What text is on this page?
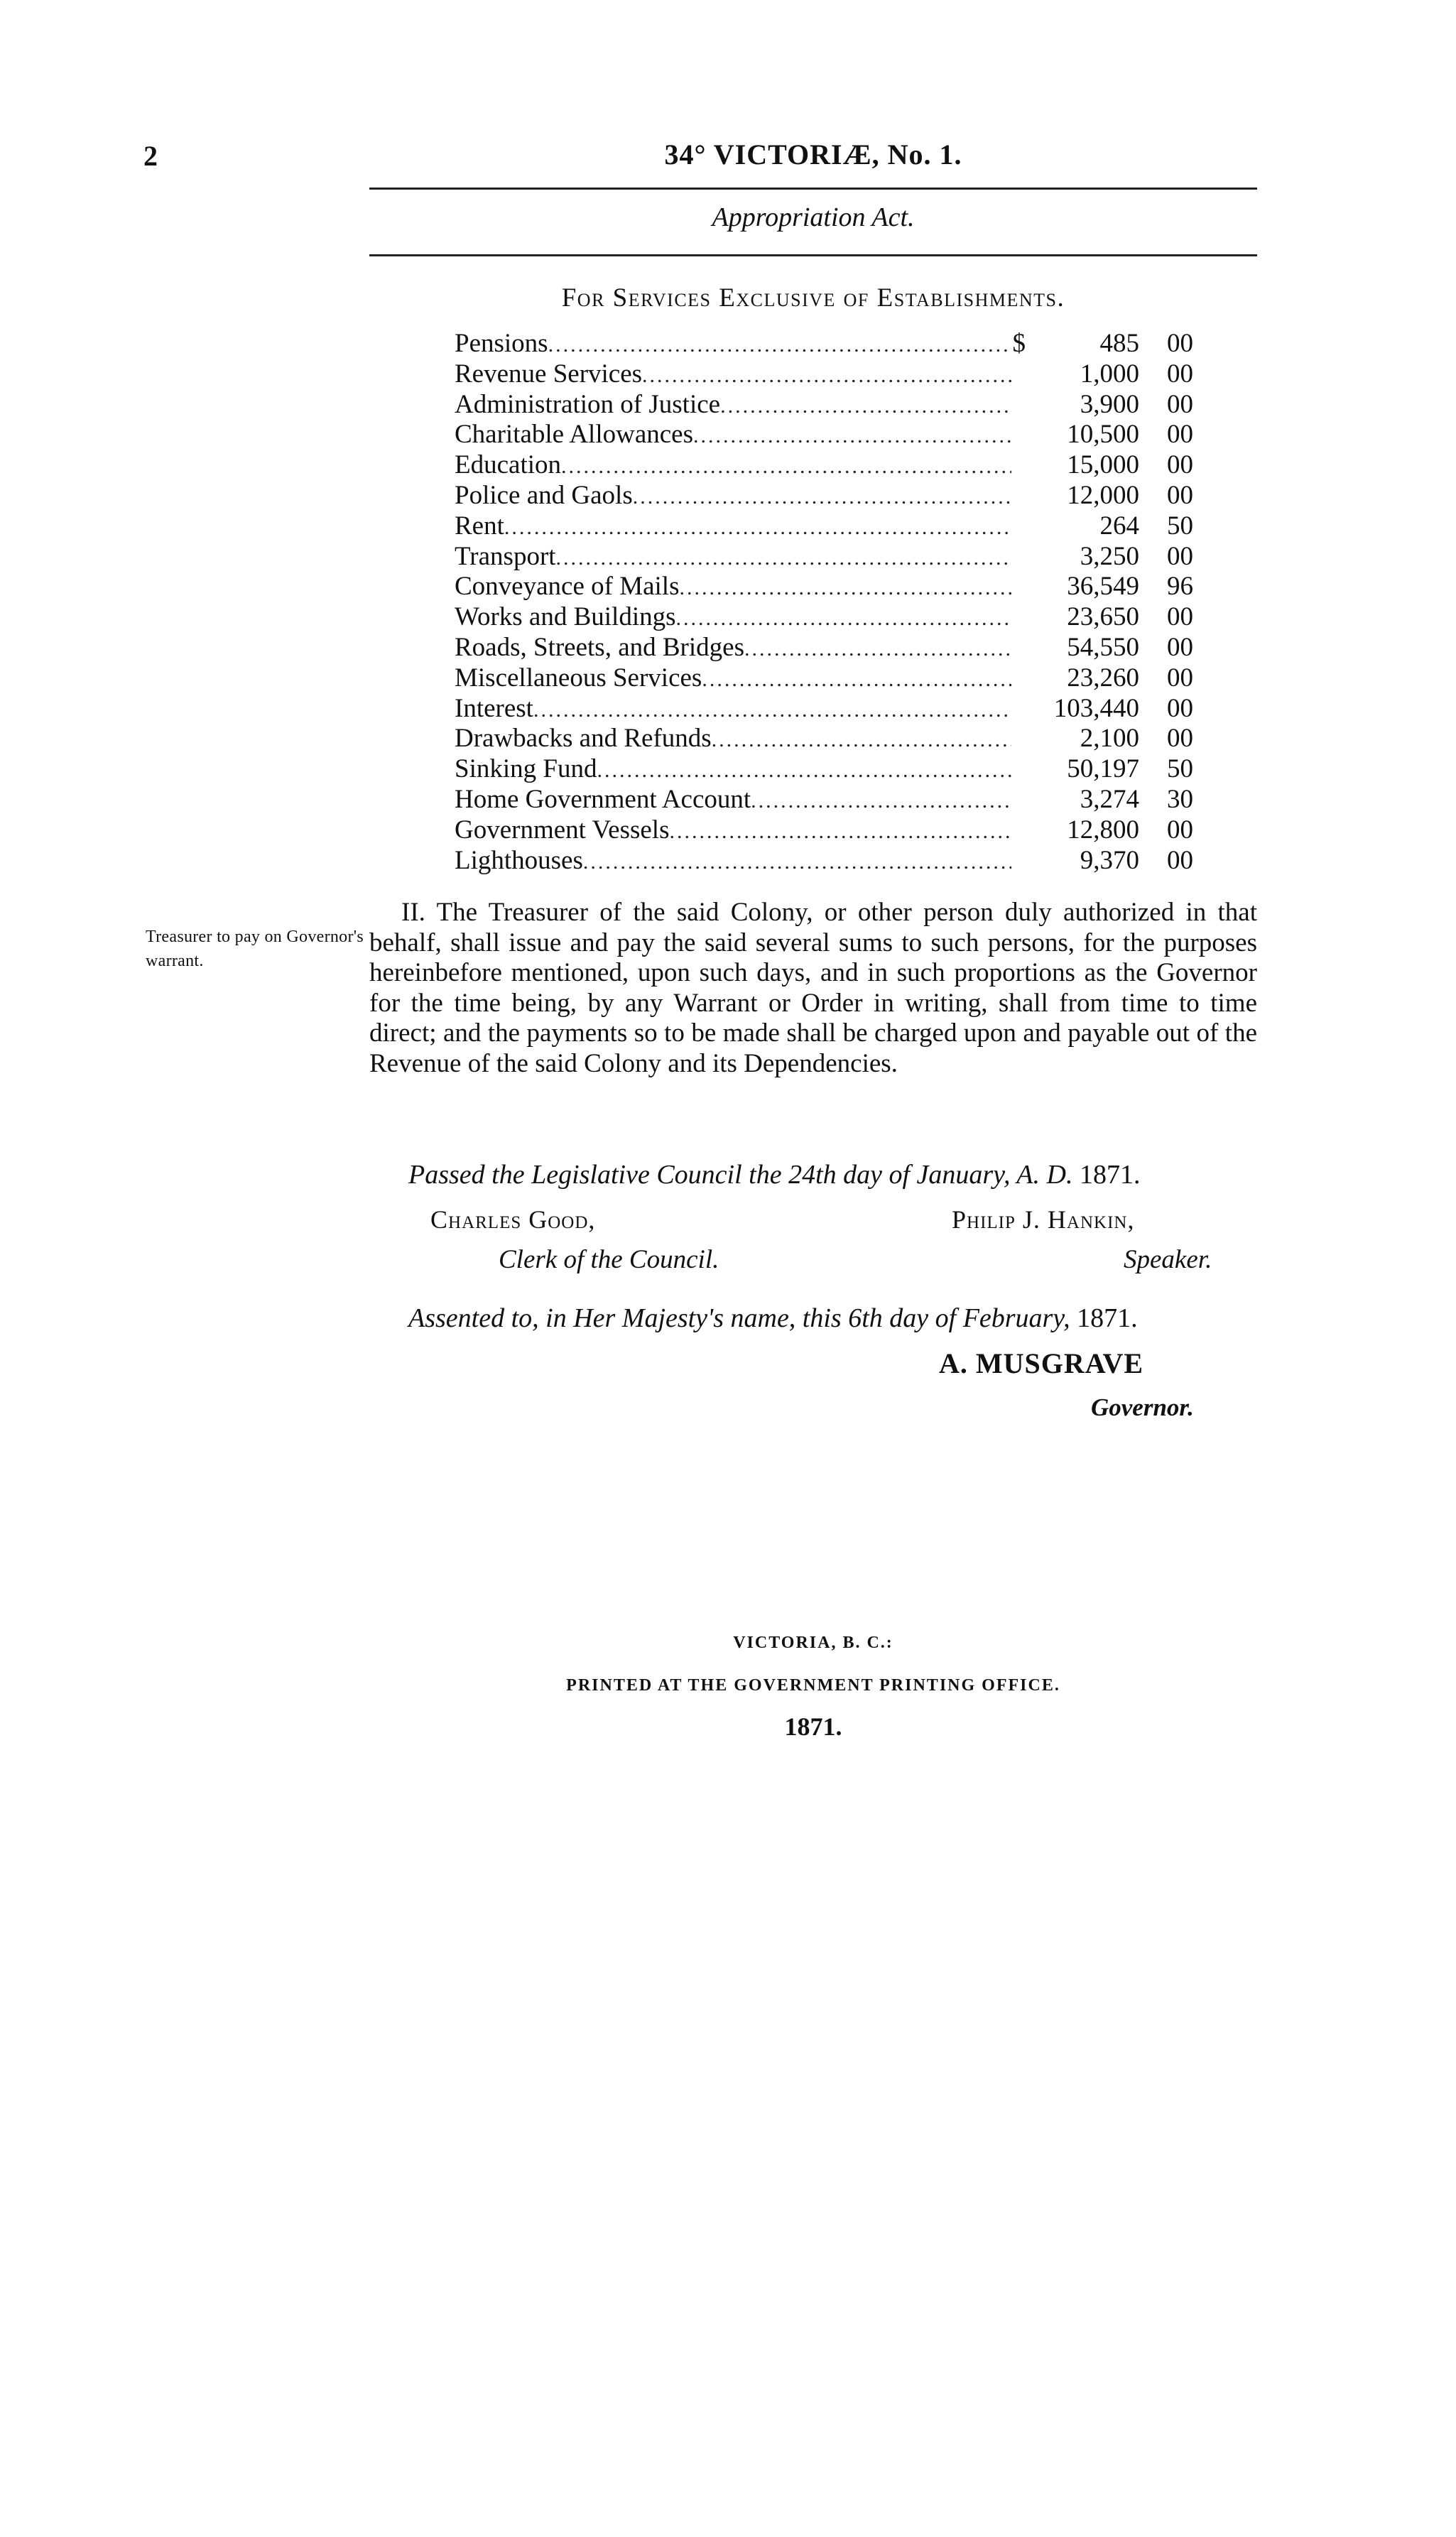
2	34° VICTORIÆ, No. 1.
Appropriation Act.
For Services Exclusive of Establishments.
Pensions .....	$	485	00
Revenue Services .....	1,000	00
Administration of Justice .....	3,900	00
Charitable Allowances .....	10,500	00
Education .....	15,000	00
Police and Gaols .....	12,000	00
Rent .....	264	50
Transport .....	3,250	00
Conveyance of Mails .....	36,549	96
Works and Buildings .....	23,650	00
Roads, Streets, and Bridges .....	54,550	00
Miscellaneous Services .....	23,260	00
Interest .....	103,440	00
Drawbacks and Refunds .....	2,100	00
Sinking Fund .....	50,197	50
Home Government Account .....	3,274	30
Government Vessels .....	12,800	00
Lighthouses .....	9,370	00
Treasurer to pay on Governor's warrant.
II. The Treasurer of the said Colony, or other person duly authorized in that behalf, shall issue and pay the said several sums to such persons, for the purposes hereinbefore mentioned, upon such days, and in such proportions as the Governor for the time being, by any Warrant or Order in writing, shall from time to time direct; and the payments so to be made shall be charged upon and payable out of the Revenue of the said Colony and its Dependencies.
Passed the Legislative Council the 24th day of January, A. D. 1871.
Charles Good,	Philip J. Hankin,
Clerk of the Council.	Speaker.
Assented to, in Her Majesty's name, this 6th day of February, 1871.
A. MUSGRAVE
Governor.
VICTORIA, B. C.:
PRINTED AT THE GOVERNMENT PRINTING OFFICE.
1871.
